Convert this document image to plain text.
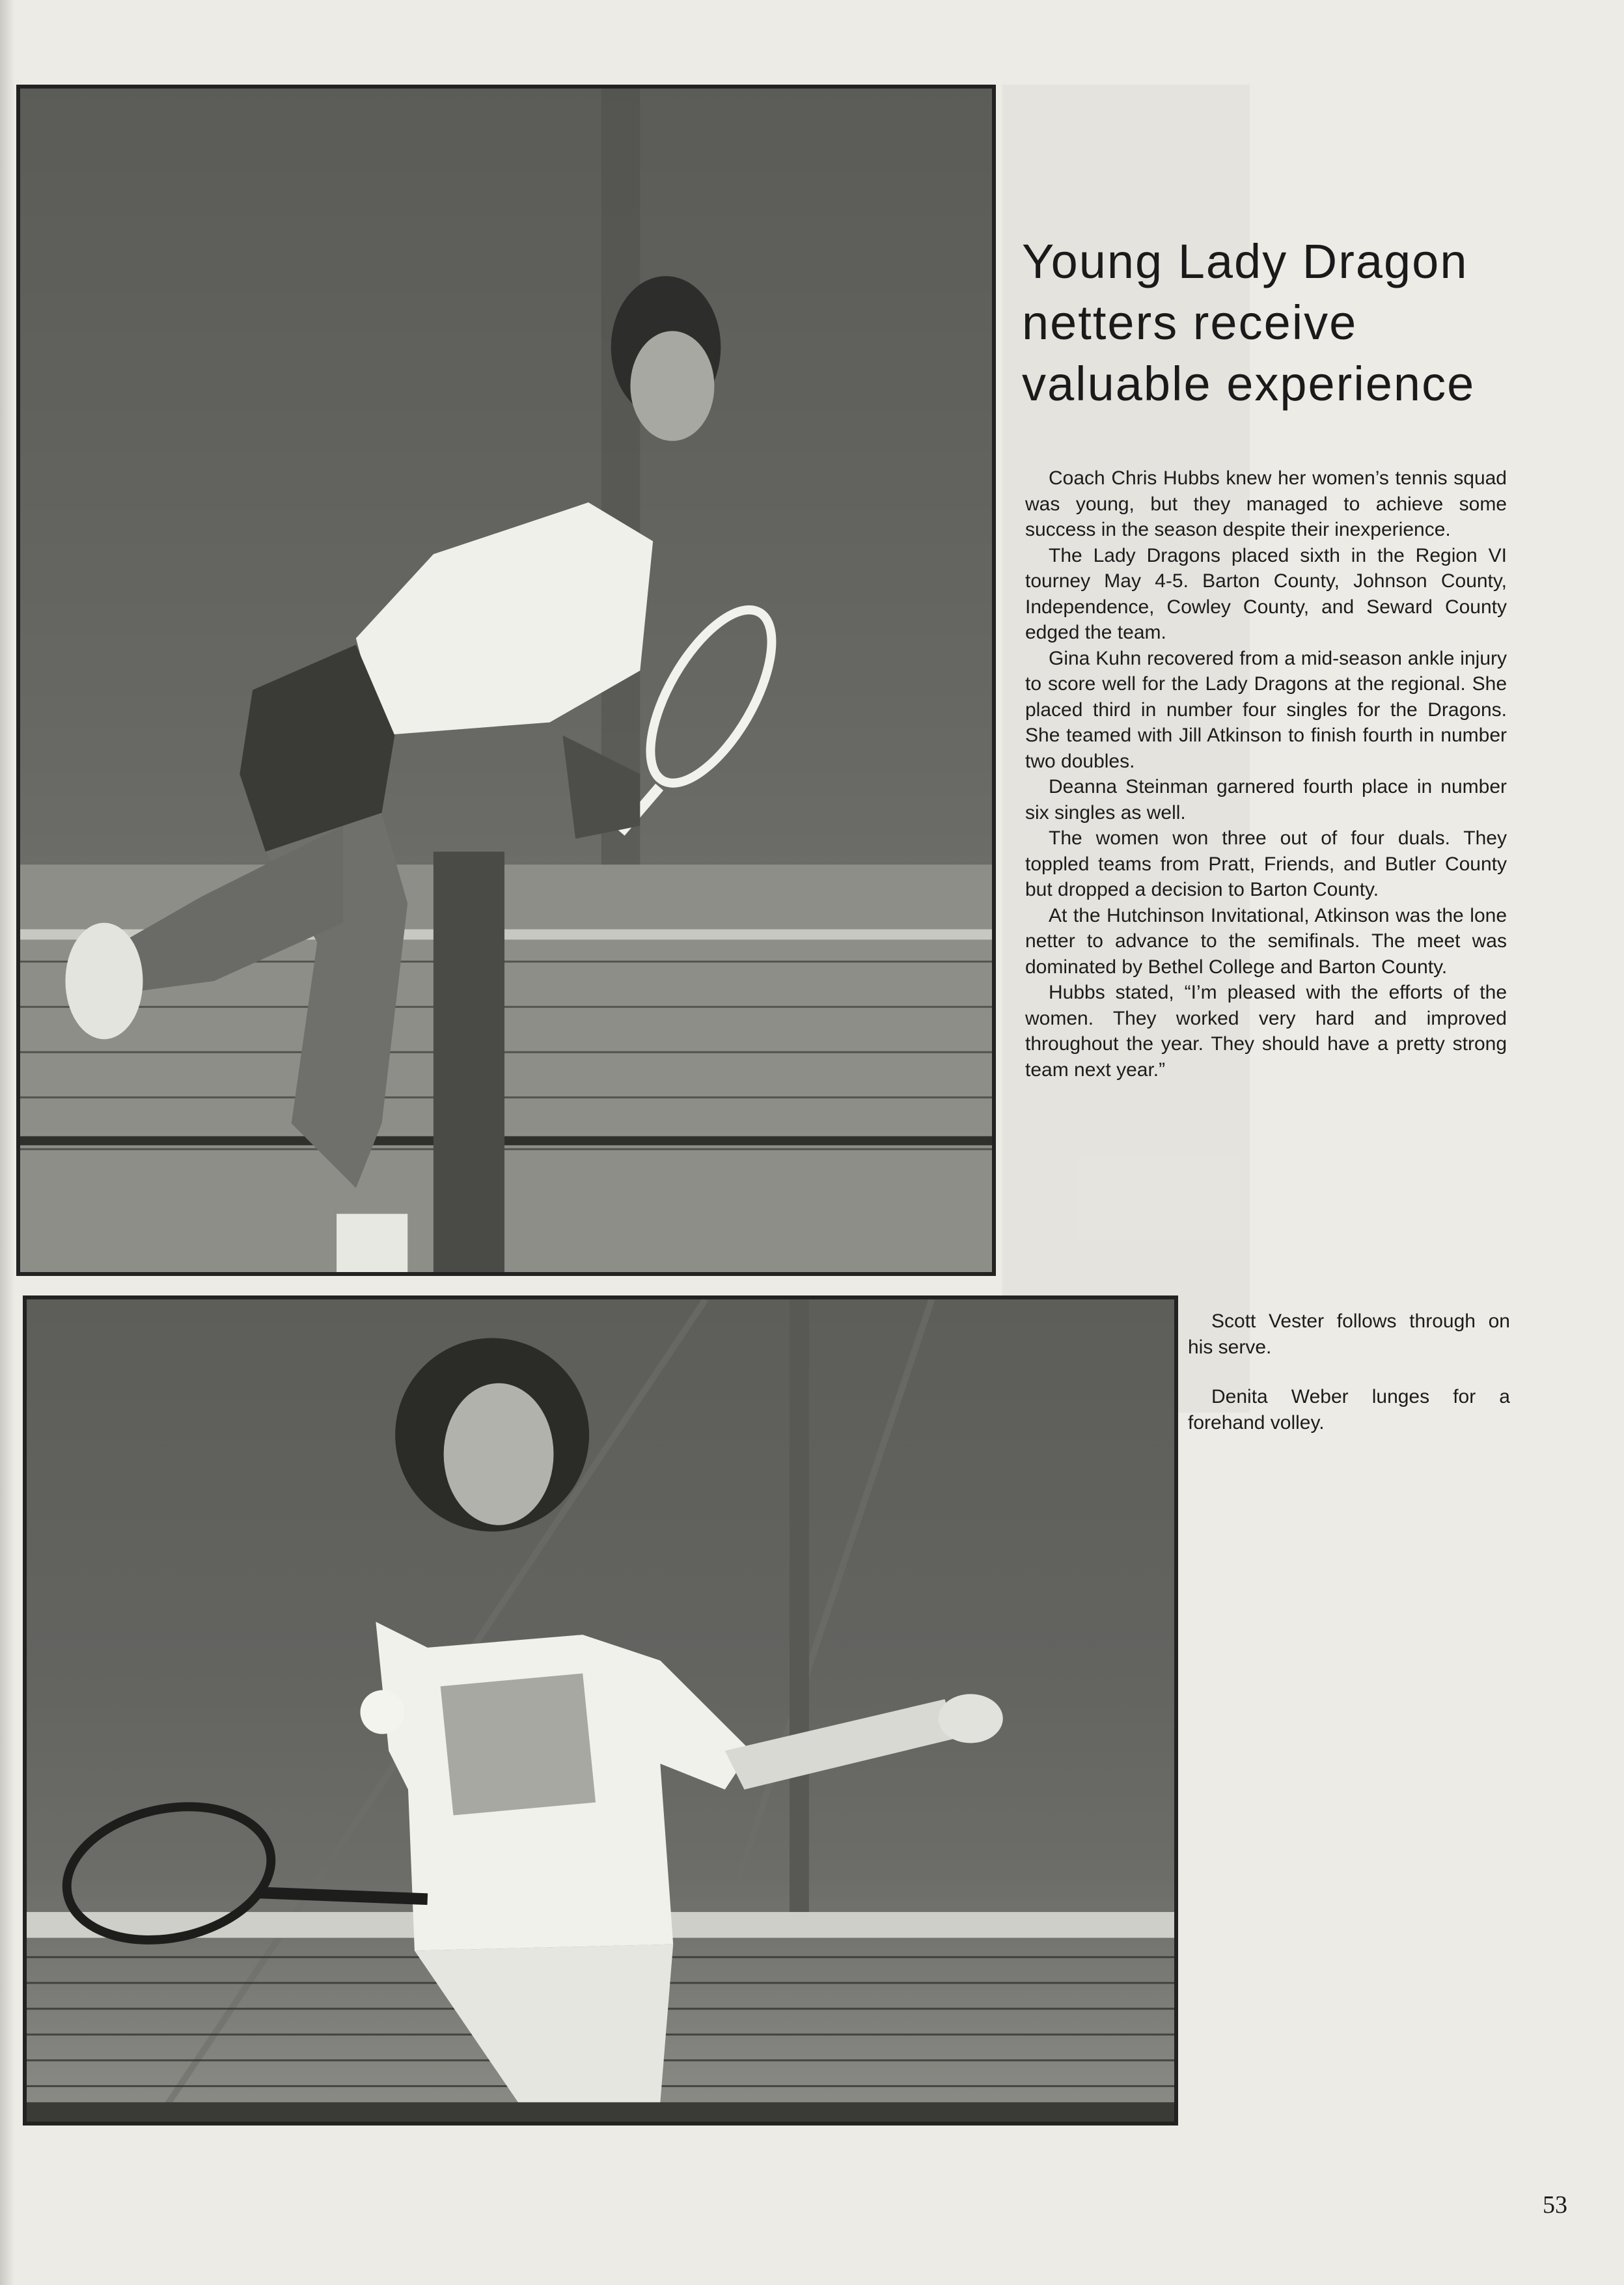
Young Lady Dragon
netters receive
valuable experience

Coach Chris Hubbs knew her women’s tennis squad was young, but they managed to achieve some success in the season despite their inexperience.

The Lady Dragons placed sixth in the Region VI tourney May 4-5. Barton County, Johnson County, Independence, Cowley County, and Seward County edged the team.

Gina Kuhn recovered from a mid-season ankle injury to score well for the Lady Dragons at the regional. She placed third in number four singles for the Dragons. She teamed with Jill Atkinson to finish fourth in number two doubles.

Deanna Steinman garnered fourth place in number six singles as well.

The women won three out of four duals. They toppled teams from Pratt, Friends, and Butler County but dropped a decision to Barton County.

At the Hutchinson Invitational, Atkinson was the lone netter to advance to the semifinals. The meet was dominated by Bethel College and Barton County.

Hubbs stated, “I’m pleased with the efforts of the women. They worked very hard and improved throughout the year. They should have a pretty strong team next year.”

Scott Vester follows through on his serve.

Denita Weber lunges for a forehand volley.

53
